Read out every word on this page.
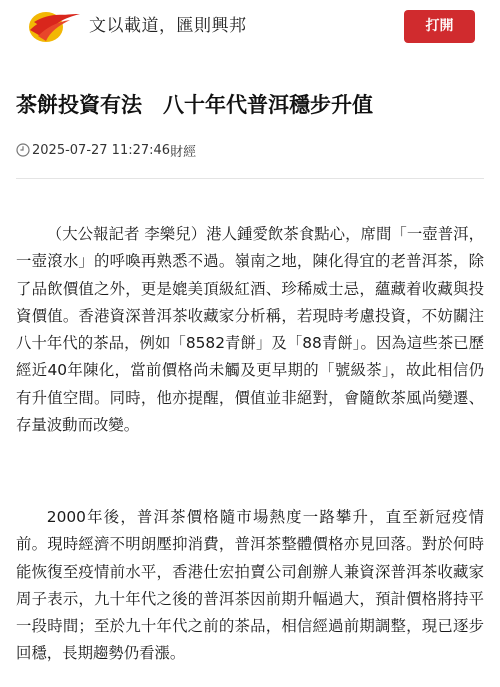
文以載道，匯則興邦	打開
茶餅投資有法　八十年代普洱穩步升值
2025-07-27 11:27:46 財經

（大公報記者 李樂兒）港人鍾愛飲茶食點心，席間「一壺普洱，一壺滾水」的呼喚再熟悉不過。嶺南之地，陳化得宜的老普洱茶，除了品飲價值之外，更是媲美頂級紅酒、珍稀威士忌，蘊藏着收藏與投資價值。香港資深普洱茶收藏家分析稱，若現時考慮投資，不妨關注八十年代的茶品，例如「8582青餅」及「88青餅」。因為這些茶已歷經近40年陳化，當前價格尚未觸及更早期的「號級茶」，故此相信仍有升值空間。同時，他亦提醒，價值並非絕對，會隨飲茶風尚變遷、存量波動而改變。

2000年後，普洱茶價格隨市場熱度一路攀升，直至新冠疫情前。現時經濟不明朗壓抑消費，普洱茶整體價格亦見回落。對於何時能恢復至疫情前水平，香港仕宏拍賣公司創辦人兼資深普洱茶收藏家周子表示，九十年代之後的普洱茶因前期升幅過大，預計價格將持平一段時間；至於九十年代之前的茶品，相信經過前期調整，現已逐步回穩，長期趨勢仍看漲。
